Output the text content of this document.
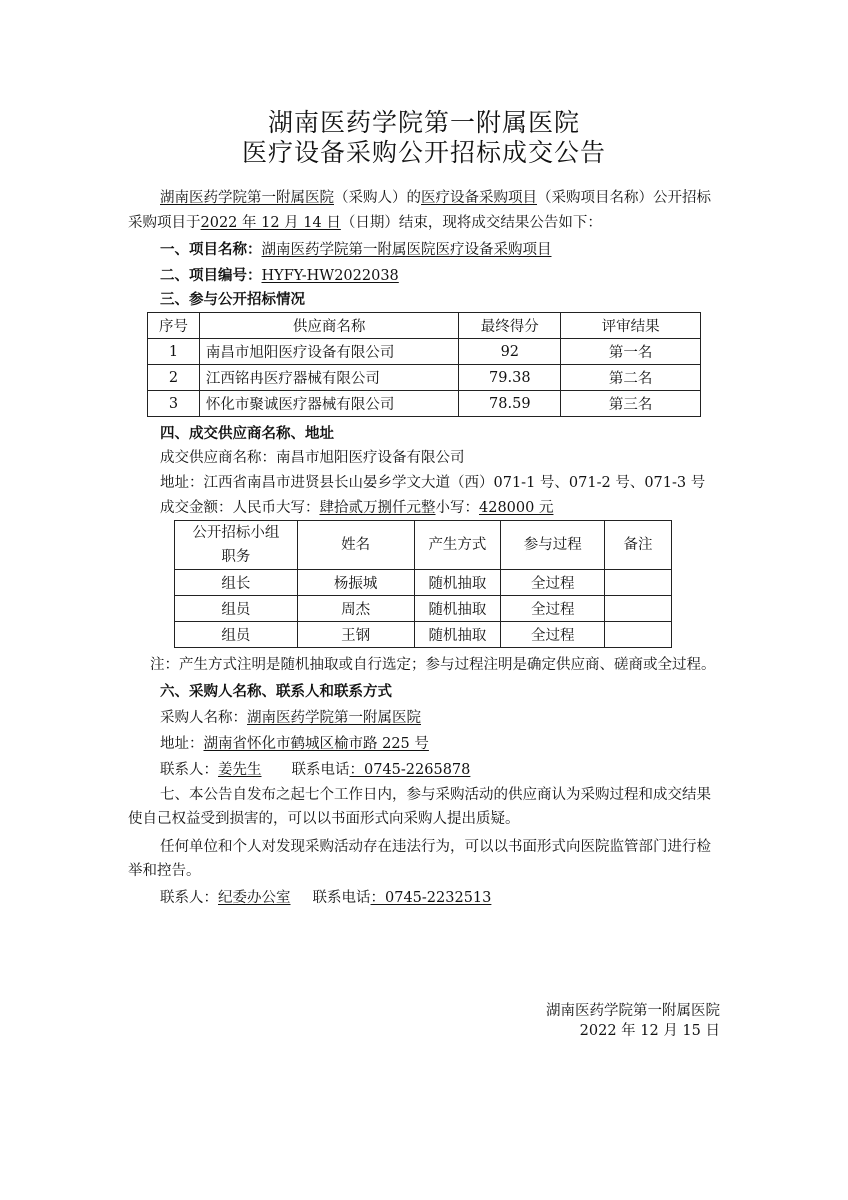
湖南医药学院第一附属医院
医疗设备采购公开招标成交公告
湖南医药学院第一附属医院（采购人）的医疗设备采购项目（采购项目名称）公开招标
采购项目于2022 年 12 月 14 日（日期）结束，现将成交结果公告如下：
一、项目名称：湖南医药学院第一附属医院医疗设备采购项目
二、项目编号：HYFY-HW2022038
三、参与公开招标情况
序号	供应商名称	最终得分	评审结果
1	南昌市旭阳医疗设备有限公司	92	第一名
2	江西铭冉医疗器械有限公司	79.38	第二名
3	怀化市聚诚医疗器械有限公司	78.59	第三名
四、成交供应商名称、地址
成交供应商名称：南昌市旭阳医疗设备有限公司
地址：江西省南昌市进贤县长山晏乡学文大道（西）071-1 号、071-2 号、071-3 号
成交金额：人民币大写：肆拾贰万捌仟元整小写：428000 元
公开招标小组职务	姓名	产生方式	参与过程	备注
组长	杨振城	随机抽取	全过程	
组员	周杰	随机抽取	全过程	
组员	王钢	随机抽取	全过程	
注：产生方式注明是随机抽取或自行选定；参与过程注明是确定供应商、磋商或全过程。
六、采购人名称、联系人和联系方式
采购人名称：湖南医药学院第一附属医院
地址：湖南省怀化市鹤城区榆市路 225 号
联系人：姜先生 联系电话：0745-2265878
七、本公告自发布之起七个工作日内，参与采购活动的供应商认为采购过程和成交结果
使自己权益受到损害的，可以以书面形式向采购人提出质疑。
任何单位和个人对发现采购活动存在违法行为，可以以书面形式向医院监管部门进行检
举和控告。
联系人：纪委办公室 联系电话：0745-2232513
湖南医药学院第一附属医院
2022 年 12 月 15 日
